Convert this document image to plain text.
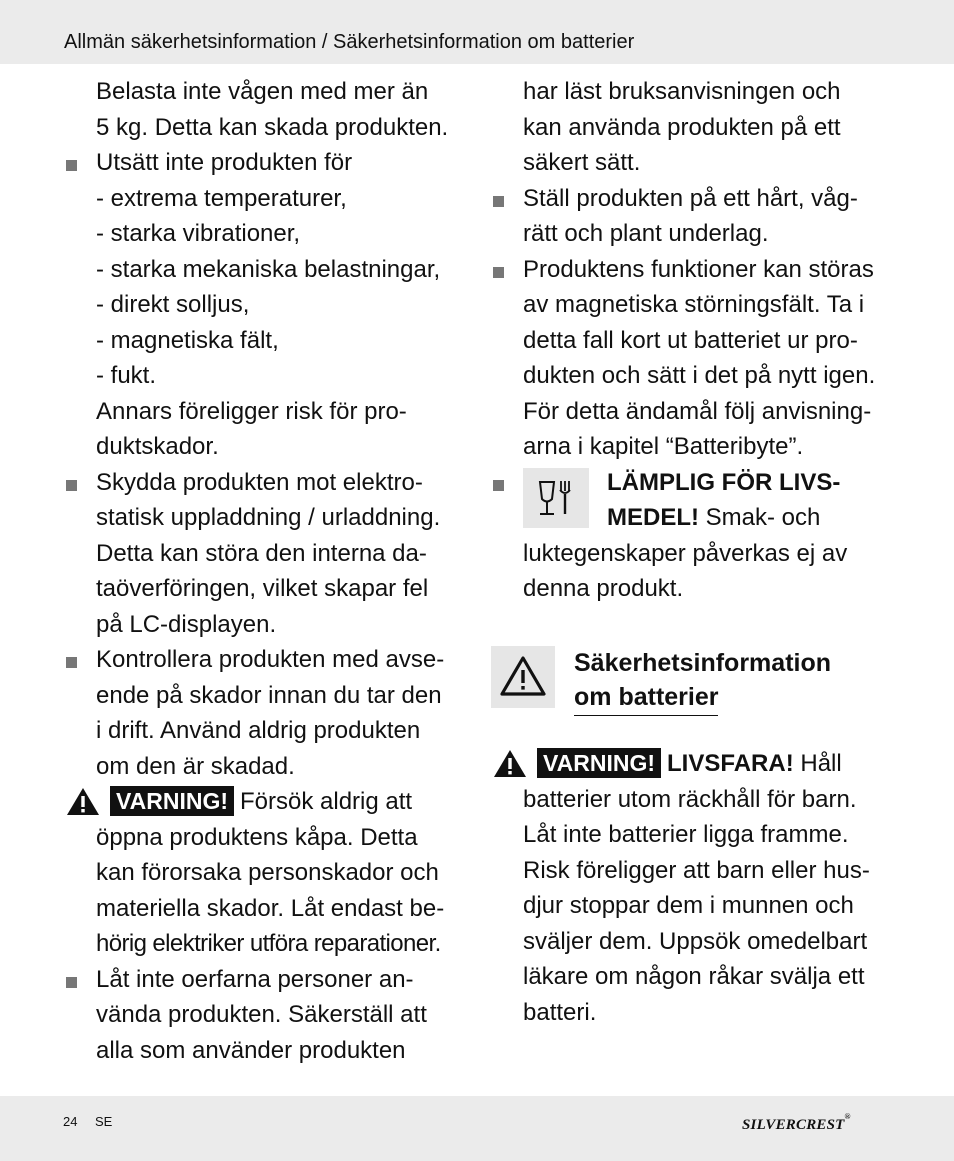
Allmän säkerhetsinformation / Säkerhetsinformation om batterier
Belasta inte vågen med mer än
5 kg. Detta kan skada produkten.
Utsätt inte produkten för
- extrema temperaturer,
- starka vibrationer,
- starka mekaniska belastningar,
- direkt solljus,
- magnetiska fält,
- fukt.
Annars föreligger risk för pro-
duktskador.
Skydda produkten mot elektro-
statisk uppladdning / urladdning.
Detta kan störa den interna da-
taöverföringen, vilket skapar fel
på LC-displayen.
Kontrollera produkten med avse-
ende på skador innan du tar den
i drift. Använd aldrig produkten
om den är skadad.
VARNING! Försök aldrig att
öppna produktens kåpa. Detta
kan förorsaka personskador och
materiella skador. Låt endast be-
hörig elektriker utföra reparationer.
Låt inte oerfarna personer an-
vända produkten. Säkerställ att
alla som använder produkten
har läst bruksanvisningen och
kan använda produkten på ett
säkert sätt.
Ställ produkten på ett hårt, våg-
rätt och plant underlag.
Produktens funktioner kan störas
av magnetiska störningsfält. Ta i
detta fall kort ut batteriet ur pro-
dukten och sätt i det på nytt igen.
För detta ändamål följ anvisning-
arna i kapitel “Batteribyte”.
LÄMPLIG FÖR LIVS-
MEDEL! Smak- och
luktegenskaper påverkas ej av
denna produkt.
Säkerhetsinformation
om batterier
VARNING! LIVSFARA! Håll
batterier utom räckhåll för barn.
Låt inte batterier ligga framme.
Risk föreligger att barn eller hus-
djur stoppar dem i munnen och
sväljer dem. Uppsök omedelbart
läkare om någon råkar svälja ett
batteri.
24 SE	SILVERCREST®
